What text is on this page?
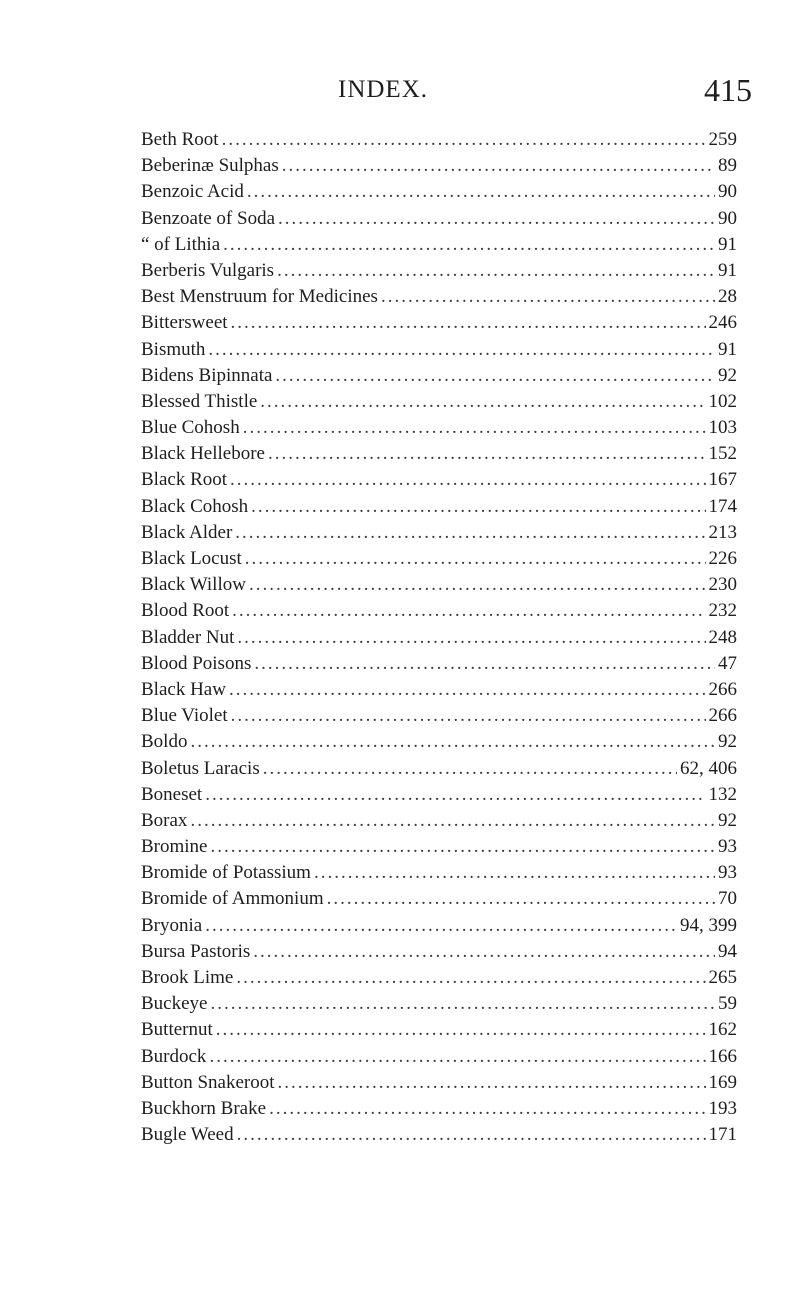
INDEX.	415
Beth Root .....	259
Beberinæ Sulphas .....	89
Benzoic Acid .....	90
Benzoate of Soda .....	90
“ of Lithia .....	91
Berberis Vulgaris .....	91
Best Menstruum for Medicines .....	28
Bittersweet .....	246
Bismuth .....	91
Bidens Bipinnata .....	92
Blessed Thistle .....	102
Blue Cohosh .....	103
Black Hellebore .....	152
Black Root .....	167
Black Cohosh .....	174
Black Alder .....	213
Black Locust .....	226
Black Willow .....	230
Blood Root .....	232
Bladder Nut .....	248
Blood Poisons .....	47
Black Haw .....	266
Blue Violet .....	266
Boldo .....	92
Boletus Laracis .....	62, 406
Boneset .....	132
Borax .....	92
Bromine .....	93
Bromide of Potassium .....	93
Bromide of Ammonium .....	70
Bryonia .....	94, 399
Bursa Pastoris .....	94
Brook Lime .....	265
Buckeye .....	59
Butternut .....	162
Burdock .....	166
Button Snakeroot .....	169
Buckhorn Brake .....	193
Bugle Weed .....	171
